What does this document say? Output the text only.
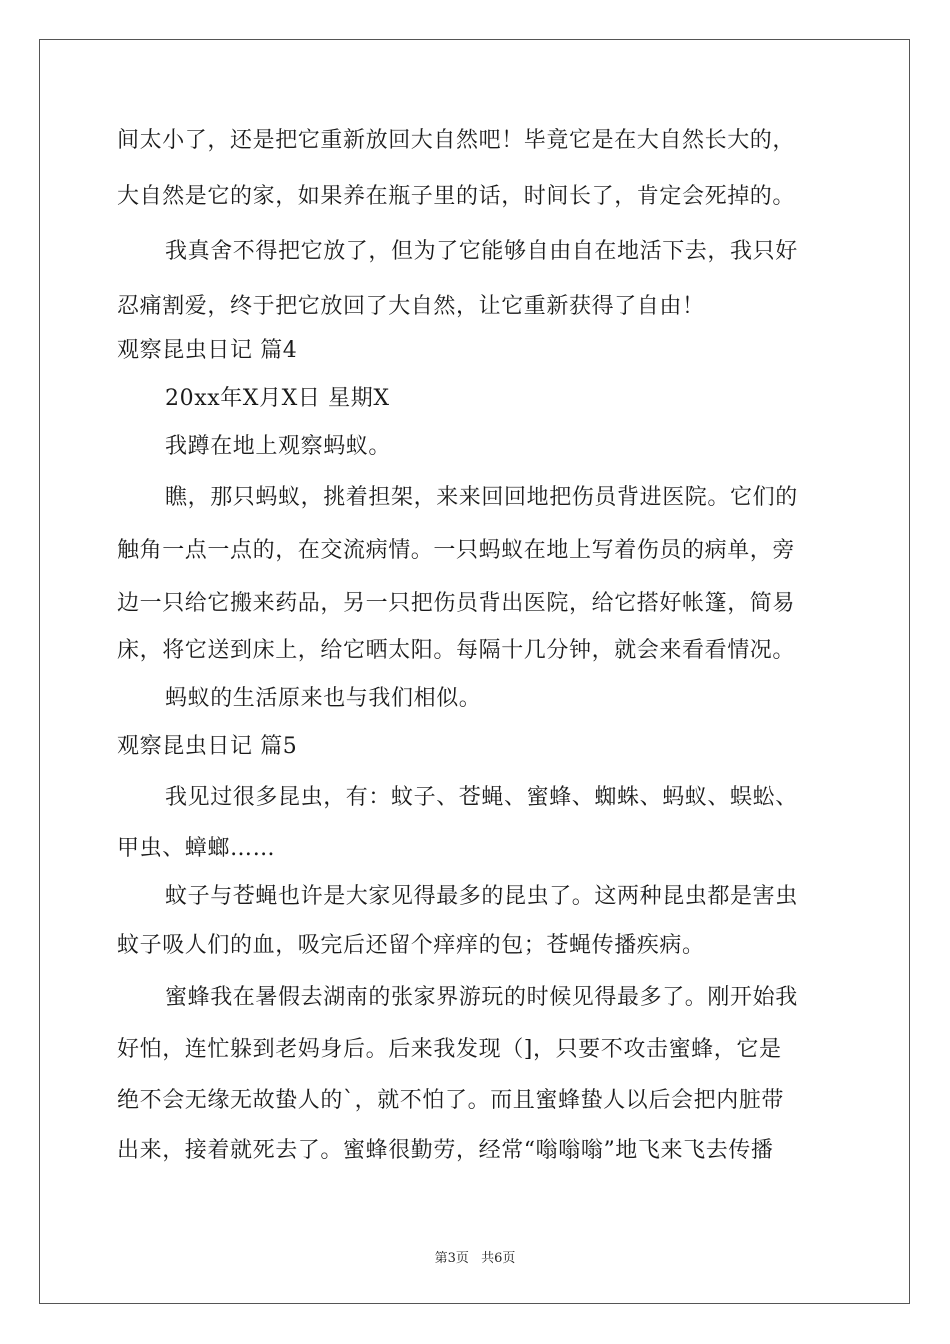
间太小了，还是把它重新放回大自然吧！毕竟它是在大自然长大的，
大自然是它的家，如果养在瓶子里的话，时间长了，肯定会死掉的。
我真舍不得把它放了，但为了它能够自由自在地活下去，我只好
忍痛割爱，终于把它放回了大自然，让它重新获得了自由！
观察昆虫日记 篇4
20xx年X月X日 星期X
我蹲在地上观察蚂蚁。
瞧，那只蚂蚁，挑着担架，来来回回地把伤员背进医院。它们的
触角一点一点的，在交流病情。一只蚂蚁在地上写着伤员的病单，旁
边一只给它搬来药品，另一只把伤员背出医院，给它搭好帐篷，简易
床，将它送到床上，给它晒太阳。每隔十几分钟，就会来看看情况。
蚂蚁的生活原来也与我们相似。
观察昆虫日记 篇5
我见过很多昆虫，有：蚊子、苍蝇、蜜蜂、蜘蛛、蚂蚁、蜈蚣、
甲虫、蟑螂……
蚊子与苍蝇也许是大家见得最多的昆虫了。这两种昆虫都是害虫
蚊子吸人们的血，吸完后还留个痒痒的包；苍蝇传播疾病。
蜜蜂我在暑假去湖南的张家界游玩的时候见得最多了。刚开始我
好怕，连忙躲到老妈身后。后来我发现（]，只要不攻击蜜蜂，它是
绝不会无缘无故蛰人的`，就不怕了。而且蜜蜂蛰人以后会把内脏带
出来，接着就死去了。蜜蜂很勤劳，经常“嗡嗡嗡”地飞来飞去传播
第3页 共6页
